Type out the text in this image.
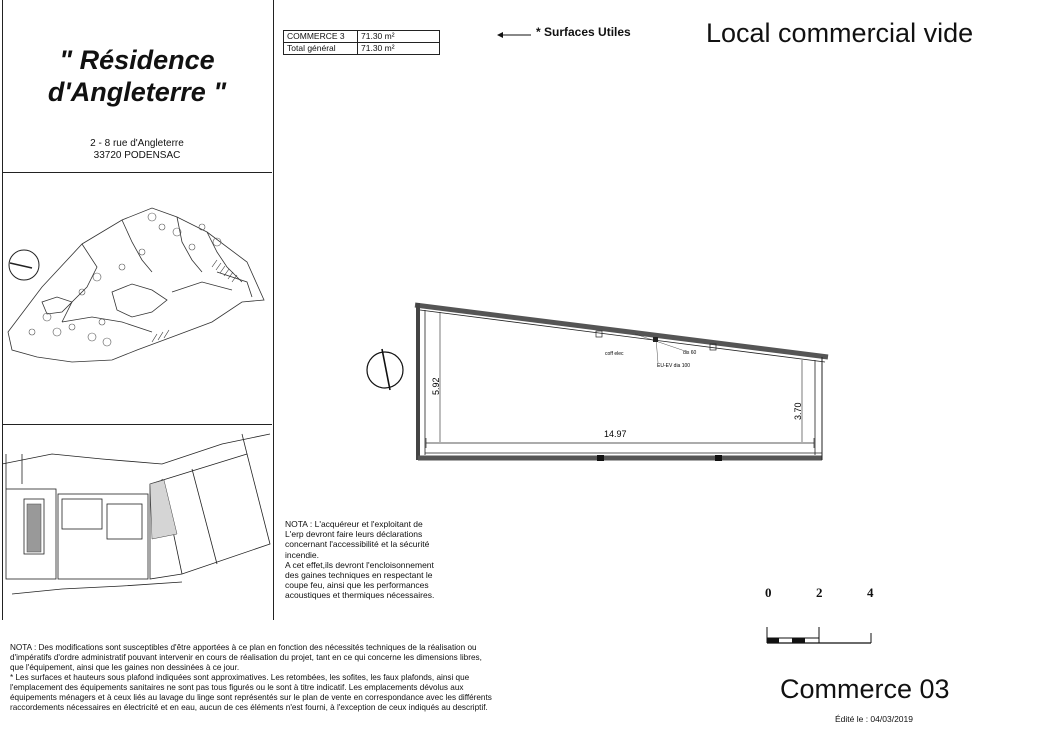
" Résidence
d'Angleterre "
2 - 8 rue d'Angleterre
33720 PODENSAC
COMMERCE 3	71.30 m²
Total général	71.30 m²
* Surfaces Utiles	Local commercial vide
coff elec	dis 60
EU-EV dia 100
14.97
5.92
3.70
NOTA : L'acquéreur et l'exploitant de
L'erp devront faire leurs déclarations
concernant l'accessibilité et la sécurité
incendie.
A cet effet,ils devront l'encloisonnement
des gaines techniques en respectant le
coupe feu, ainsi que les performances
acoustiques et thermiques nécessaires.	0	2	4
NOTA : Des modifications sont susceptibles d'être apportées à ce plan en fonction des nécessités techniques de la réalisation ou
d'impératifs d'ordre administratif pouvant intervenir en cours de réalisation du projet, tant en ce qui concerne les dimensions libres,
que l'équipement, ainsi que les gaines non dessinées à ce jour.
* Les surfaces et hauteurs sous plafond indiquées sont approximatives. Les retombées, les sofites, les faux plafonds, ainsi que
l'emplacement des équipements sanitaires ne sont pas tous figurés ou le sont à titre indicatif. Les emplacements dévolus aux
équipements ménagers et à ceux liés au lavage du linge sont représentés sur le plan de vente en correspondance avec les différents
raccordements nécessaires en électricité et en eau, aucun de ces éléments n'est fourni, à l'exception de ceux indiqués au descriptif.
Commerce 03
Édité le : 04/03/2019
